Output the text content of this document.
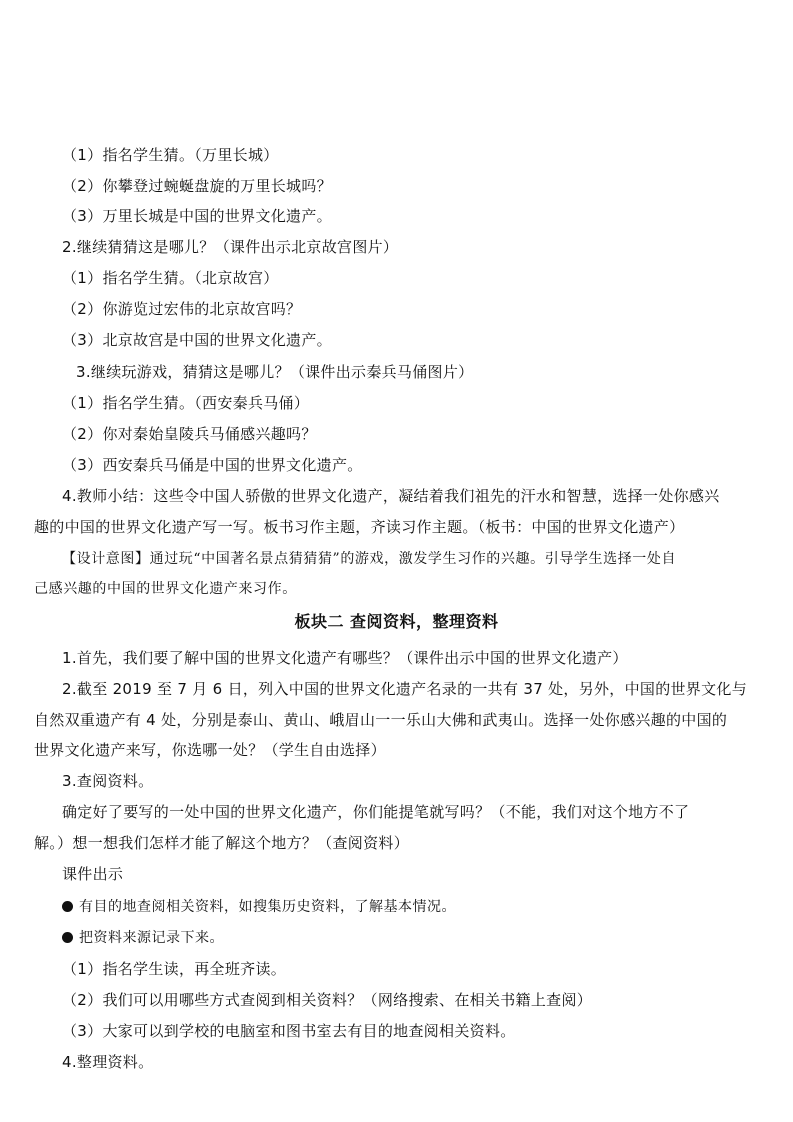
（1）指名学生猜。（万里长城）
（2）你攀登过蜿蜒盘旋的万里长城吗？
（3）万里长城是中国的世界文化遗产。
2.继续猜猜这是哪儿？（课件出示北京故宫图片）
（1）指名学生猜。（北京故宫）
（2）你游览过宏伟的北京故宫吗？
（3）北京故宫是中国的世界文化遗产。
3.继续玩游戏，猜猜这是哪儿？（课件出示秦兵马俑图片）
（1）指名学生猜。（西安秦兵马俑）
（2）你对秦始皇陵兵马俑感兴趣吗？
（3）西安秦兵马俑是中国的世界文化遗产。
4.教师小结：这些令中国人骄傲的世界文化遗产，凝结着我们祖先的汗水和智慧，选择一处你感兴
趣的中国的世界文化遗产写一写。板书习作主题，齐读习作主题。（板书：中国的世界文化遗产）
【设计意图】通过玩“中国著名景点猜猜猜”的游戏，激发学生习作的兴趣。引导学生选择一处自
己感兴趣的中国的世界文化遗产来习作。
板块二 查阅资料，整理资料
1.首先，我们要了解中国的世界文化遗产有哪些？（课件出示中国的世界文化遗产）
2.截至 2019 至 7 月 6 日，列入中国的世界文化遗产名录的一共有 37 处，另外，中国的世界文化与
自然双重遗产有 4 处，分别是泰山、黄山、峨眉山一一乐山大佛和武夷山。选择一处你感兴趣的中国的
世界文化遗产来写，你选哪一处？（学生自由选择）
3.查阅资料。
确定好了要写的一处中国的世界文化遗产，你们能提笔就写吗？（不能，我们对这个地方不了
解。）想一想我们怎样才能了解这个地方？（查阅资料）
课件出示
有目的地查阅相关资料，如搜集历史资料，了解基本情况。
把资料来源记录下来。
（1）指名学生读，再全班齐读。
（2）我们可以用哪些方式查阅到相关资料？（网络搜索、在相关书籍上查阅）
（3）大家可以到学校的电脑室和图书室去有目的地查阅相关资料。
4.整理资料。
